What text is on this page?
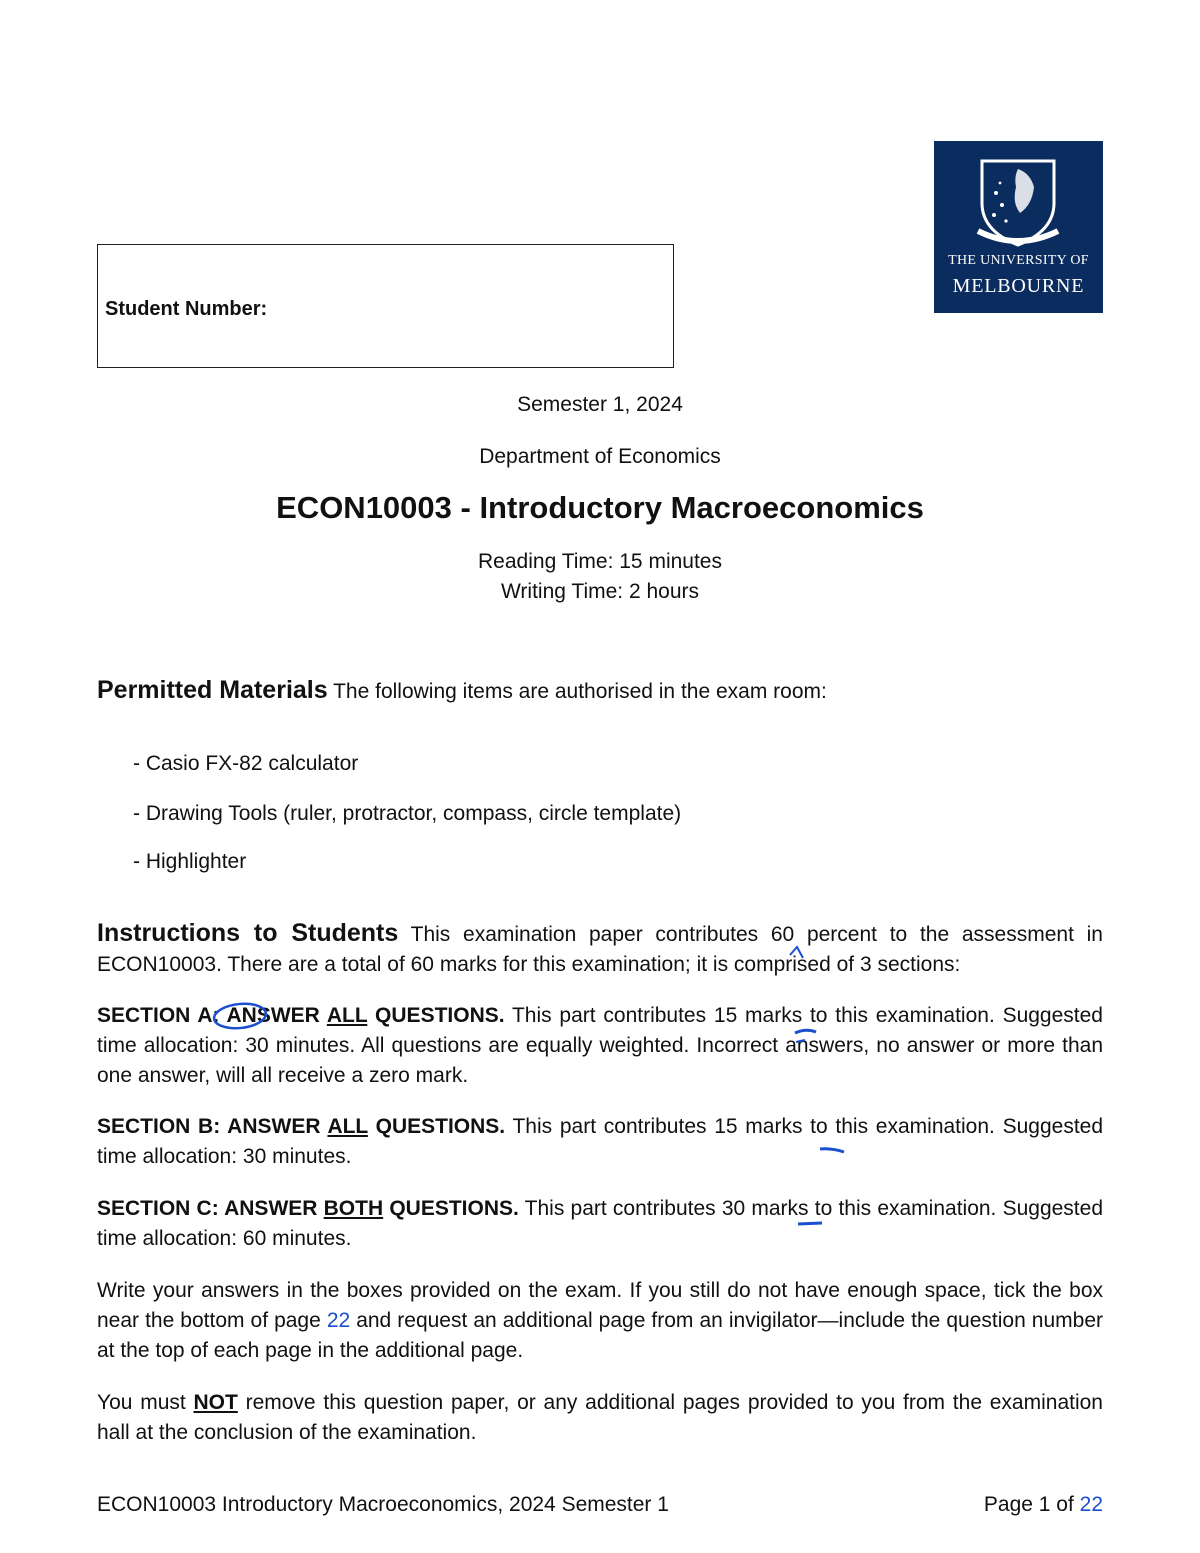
THE UNIVERSITY OF
MELBOURNE
Student Number:
Semester 1, 2024
Department of Economics
ECON10003 - Introductory Macroeconomics
Reading Time: 15 minutes
Writing Time: 2 hours
Permitted Materials The following items are authorised in the exam room:
- Casio FX-82 calculator
- Drawing Tools (ruler, protractor, compass, circle template)
- Highlighter
Instructions to Students This examination paper contributes 60 percent to the assessment in ECON10003. There are a total of 60 marks for this examination; it is comprised of 3 sections:
SECTION A: ANSWER ALL QUESTIONS. This part contributes 15 marks to this examination. Suggested time allocation: 30 minutes. All questions are equally weighted. Incorrect answers, no answer or more than one answer, will all receive a zero mark.
SECTION B: ANSWER ALL QUESTIONS. This part contributes 15 marks to this examination. Suggested time allocation: 30 minutes.
SECTION C: ANSWER BOTH QUESTIONS. This part contributes 30 marks to this examination. Suggested time allocation: 60 minutes.
Write your answers in the boxes provided on the exam. If you still do not have enough space, tick the box near the bottom of page 22 and request an additional page from an invigilator—include the question number at the top of each page in the additional page.
You must NOT remove this question paper, or any additional pages provided to you from the examination hall at the conclusion of the examination.
ECON10003 Introductory Macroeconomics, 2024 Semester 1	Page 1 of 22
